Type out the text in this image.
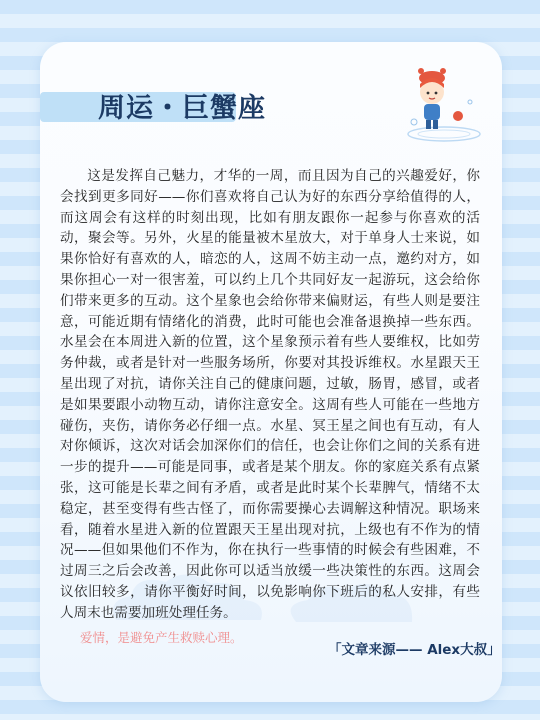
周运・巨蟹座

这是发挥自己魅力，才华的一周，而且因为自己的兴趣爱好，你会找到更多同好——你们喜欢将自己认为好的东西分享给值得的人，而这周会有这样的时刻出现，比如有朋友跟你一起参与你喜欢的活动，聚会等。另外，火星的能量被木星放大，对于单身人士来说，如果你恰好有喜欢的人，暗恋的人，这周不妨主动一点，邀约对方，如果你担心一对一很害羞，可以约上几个共同好友一起游玩，这会给你们带来更多的互动。这个星象也会给你带来偏财运，有些人则是要注意，可能近期有情绪化的消费，此时可能也会准备退换掉一些东西。水星会在本周进入新的位置，这个星象预示着有些人要维权，比如劳务仲裁，或者是针对一些服务场所，你要对其投诉维权。水星跟天王星出现了对抗，请你关注自己的健康问题，过敏，肠胃，感冒，或者是如果要跟小动物互动，请你注意安全。这周有些人可能在一些地方碰伤，夹伤，请你务必仔细一点。水星、冥王星之间也有互动，有人对你倾诉，这次对话会加深你们的信任，也会让你们之间的关系有进一步的提升——可能是同事，或者是某个朋友。你的家庭关系有点紧张，这可能是长辈之间有矛盾，或者是此时某个长辈脾气，情绪不太稳定，甚至变得有些古怪了，而你需要操心去调解这种情况。职场来看，随着水星进入新的位置跟天王星出现对抗，上级也有不作为的情况——但如果他们不作为，你在执行一些事情的时候会有些困难，不过周三之后会改善，因此你可以适当放缓一些决策性的东西。这周会议依旧较多，请你平衡好时间，以免影响你下班后的私人安排，有些人周末也需要加班处理任务。

爱情，是避免产生救赎心理。
「文章来源—— Alex大叔」
